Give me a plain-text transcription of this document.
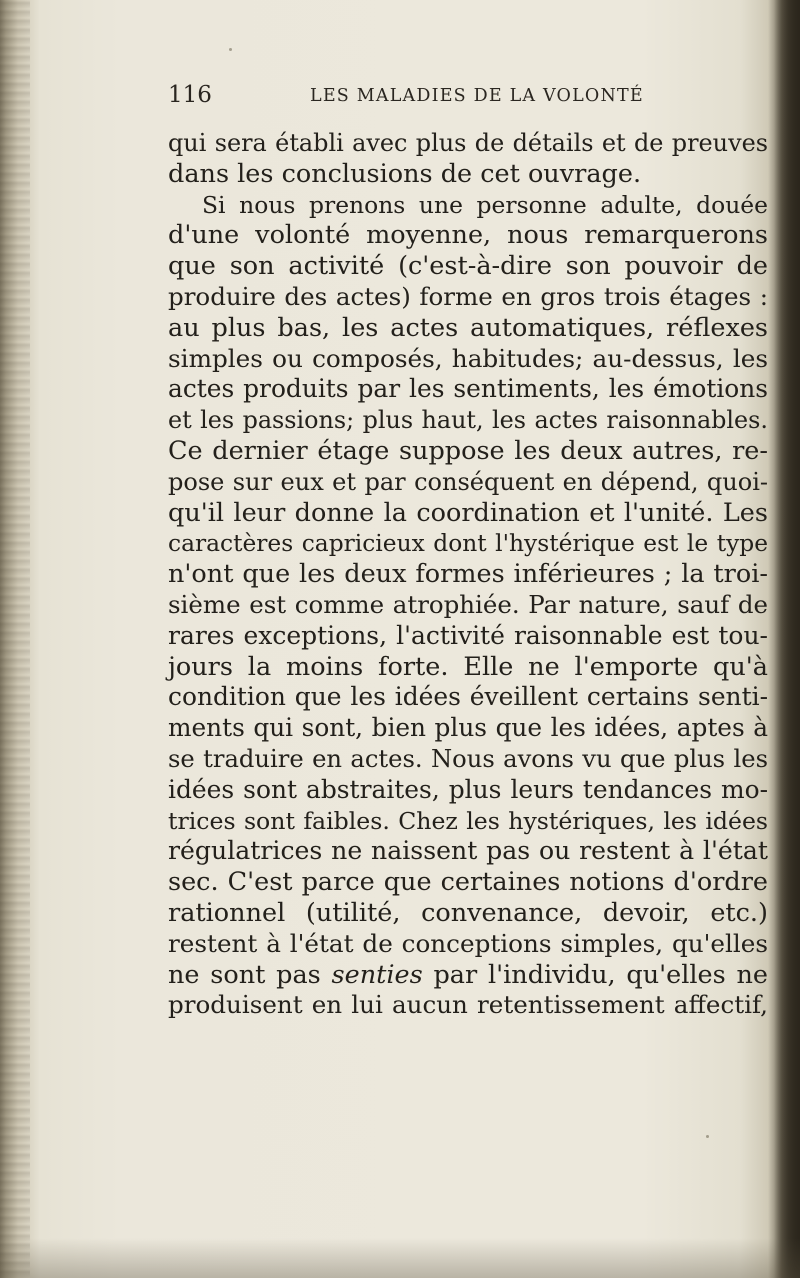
116	LES MALADIES DE LA VOLONTÉ
qui sera établi avec plus de détails et de preuves
dans les conclusions de cet ouvrage.
Si nous prenons une personne adulte, douée
d'une volonté moyenne, nous remarquerons
que son activité (c'est-à-dire son pouvoir de
produire des actes) forme en gros trois étages :
au plus bas, les actes automatiques, réflexes
simples ou composés, habitudes; au-dessus, les
actes produits par les sentiments, les émotions
et les passions; plus haut, les actes raisonnables.
Ce dernier étage suppose les deux autres, re-
pose sur eux et par conséquent en dépend, quoi-
qu'il leur donne la coordination et l'unité. Les
caractères capricieux dont l'hystérique est le type
n'ont que les deux formes inférieures ; la troi-
sième est comme atrophiée. Par nature, sauf de
rares exceptions, l'activité raisonnable est tou-
jours la moins forte. Elle ne l'emporte qu'à
condition que les idées éveillent certains senti-
ments qui sont, bien plus que les idées, aptes à
se traduire en actes. Nous avons vu que plus les
idées sont abstraites, plus leurs tendances mo-
trices sont faibles. Chez les hystériques, les idées
régulatrices ne naissent pas ou restent à l'état
sec. C'est parce que certaines notions d'ordre
rationnel (utilité, convenance, devoir, etc.)
restent à l'état de conceptions simples, qu'elles
ne sont pas senties par l'individu, qu'elles ne
produisent en lui aucun retentissement affectif,
